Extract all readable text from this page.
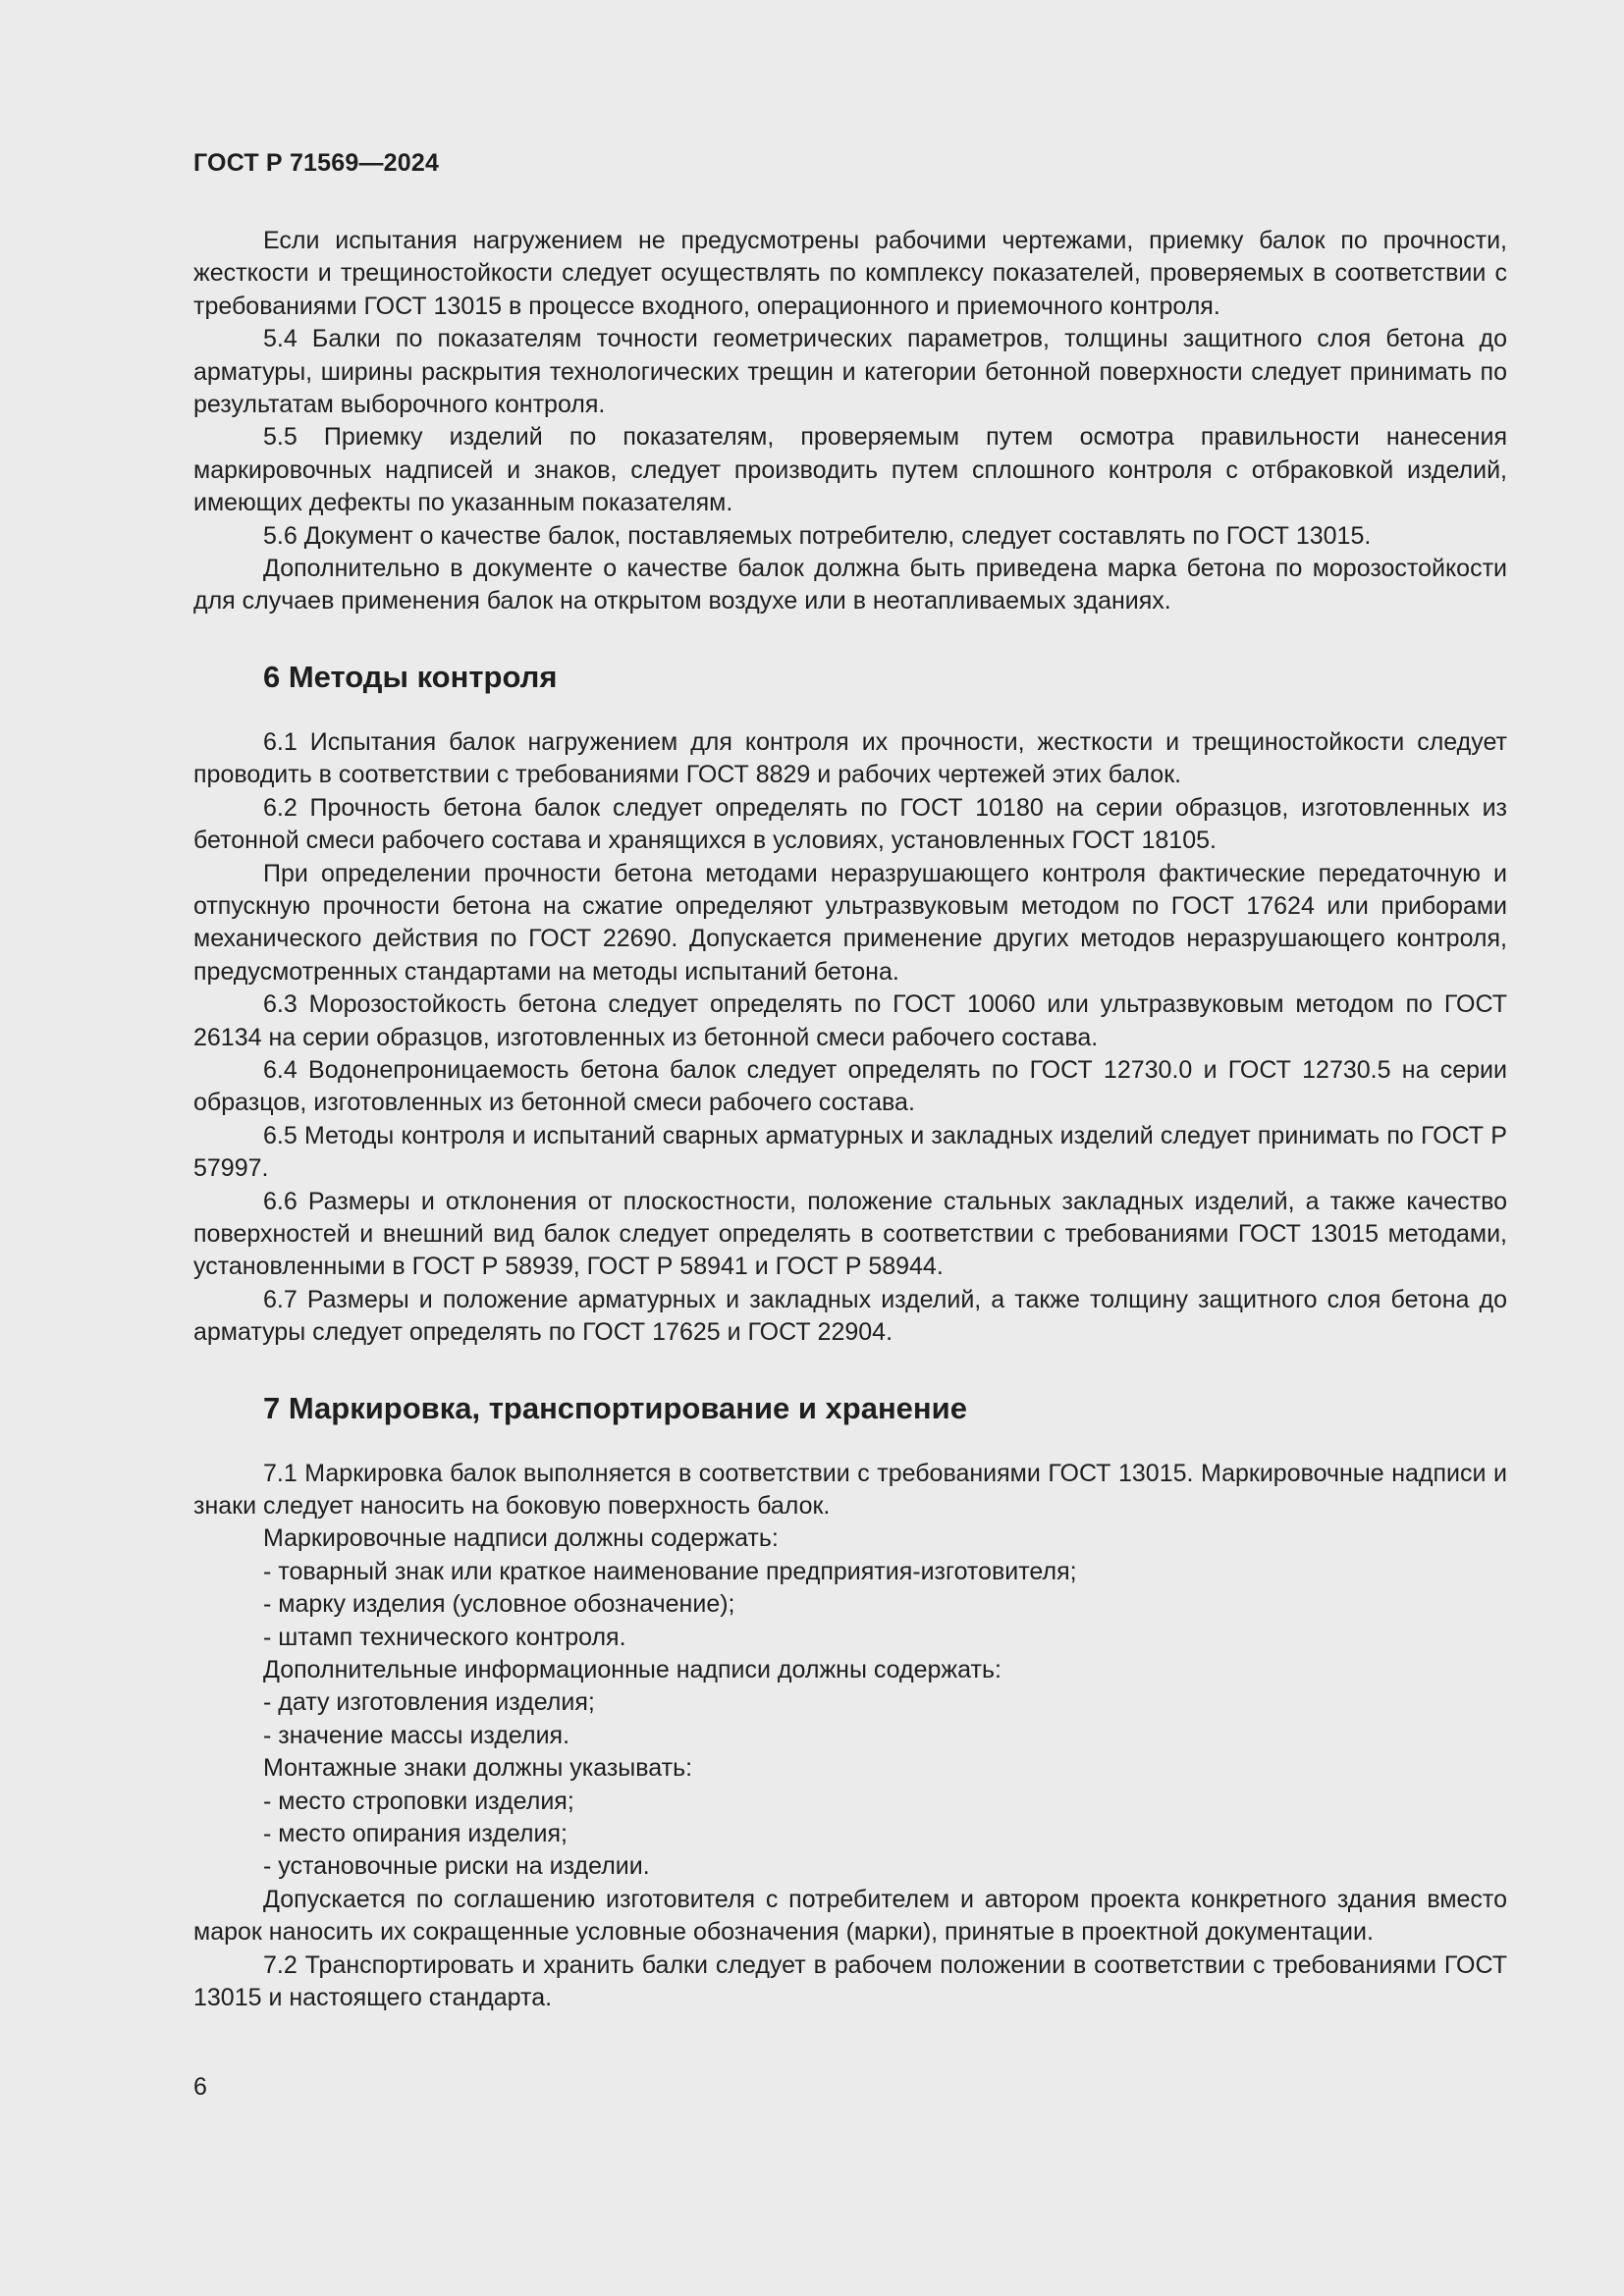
ГОСТ Р 71569—2024

Если испытания нагружением не предусмотрены рабочими чертежами, приемку балок по прочности, жесткости и трещиностойкости следует осуществлять по комплексу показателей, проверяемых в соответствии с требованиями ГОСТ 13015 в процессе входного, операционного и приемочного контроля.

5.4 Балки по показателям точности геометрических параметров, толщины защитного слоя бетона до арматуры, ширины раскрытия технологических трещин и категории бетонной поверхности следует принимать по результатам выборочного контроля.

5.5 Приемку изделий по показателям, проверяемым путем осмотра правильности нанесения маркировочных надписей и знаков, следует производить путем сплошного контроля с отбраковкой изделий, имеющих дефекты по указанным показателям.

5.6 Документ о качестве балок, поставляемых потребителю, следует составлять по ГОСТ 13015.

Дополнительно в документе о качестве балок должна быть приведена марка бетона по морозостойкости для случаев применения балок на открытом воздухе или в неотапливаемых зданиях.

6 Методы контроля

6.1 Испытания балок нагружением для контроля их прочности, жесткости и трещиностойкости следует проводить в соответствии с требованиями ГОСТ 8829 и рабочих чертежей этих балок.

6.2 Прочность бетона балок следует определять по ГОСТ 10180 на серии образцов, изготовленных из бетонной смеси рабочего состава и хранящихся в условиях, установленных ГОСТ 18105.

При определении прочности бетона методами неразрушающего контроля фактические передаточную и отпускную прочности бетона на сжатие определяют ультразвуковым методом по ГОСТ 17624 или приборами механического действия по ГОСТ 22690. Допускается применение других методов неразрушающего контроля, предусмотренных стандартами на методы испытаний бетона.

6.3 Морозостойкость бетона следует определять по ГОСТ 10060 или ультразвуковым методом по ГОСТ 26134 на серии образцов, изготовленных из бетонной смеси рабочего состава.

6.4 Водонепроницаемость бетона балок следует определять по ГОСТ 12730.0 и ГОСТ 12730.5 на серии образцов, изготовленных из бетонной смеси рабочего состава.

6.5 Методы контроля и испытаний сварных арматурных и закладных изделий следует принимать по ГОСТ Р 57997.

6.6 Размеры и отклонения от плоскостности, положение стальных закладных изделий, а также качество поверхностей и внешний вид балок следует определять в соответствии с требованиями ГОСТ 13015 методами, установленными в ГОСТ Р 58939, ГОСТ Р 58941 и ГОСТ Р 58944.

6.7 Размеры и положение арматурных и закладных изделий, а также толщину защитного слоя бетона до арматуры следует определять по ГОСТ 17625 и ГОСТ 22904.

7 Маркировка, транспортирование и хранение

7.1 Маркировка балок выполняется в соответствии с требованиями ГОСТ 13015. Маркировочные надписи и знаки следует наносить на боковую поверхность балок.

Маркировочные надписи должны содержать:

- товарный знак или краткое наименование предприятия-изготовителя;

- марку изделия (условное обозначение);

- штамп технического контроля.

Дополнительные информационные надписи должны содержать:

- дату изготовления изделия;

- значение массы изделия.

Монтажные знаки должны указывать:

- место строповки изделия;

- место опирания изделия;

- установочные риски на изделии.

Допускается по соглашению изготовителя с потребителем и автором проекта конкретного здания вместо марок наносить их сокращенные условные обозначения (марки), принятые в проектной документации.

7.2 Транспортировать и хранить балки следует в рабочем положении в соответствии с требованиями ГОСТ 13015 и настоящего стандарта.

6
